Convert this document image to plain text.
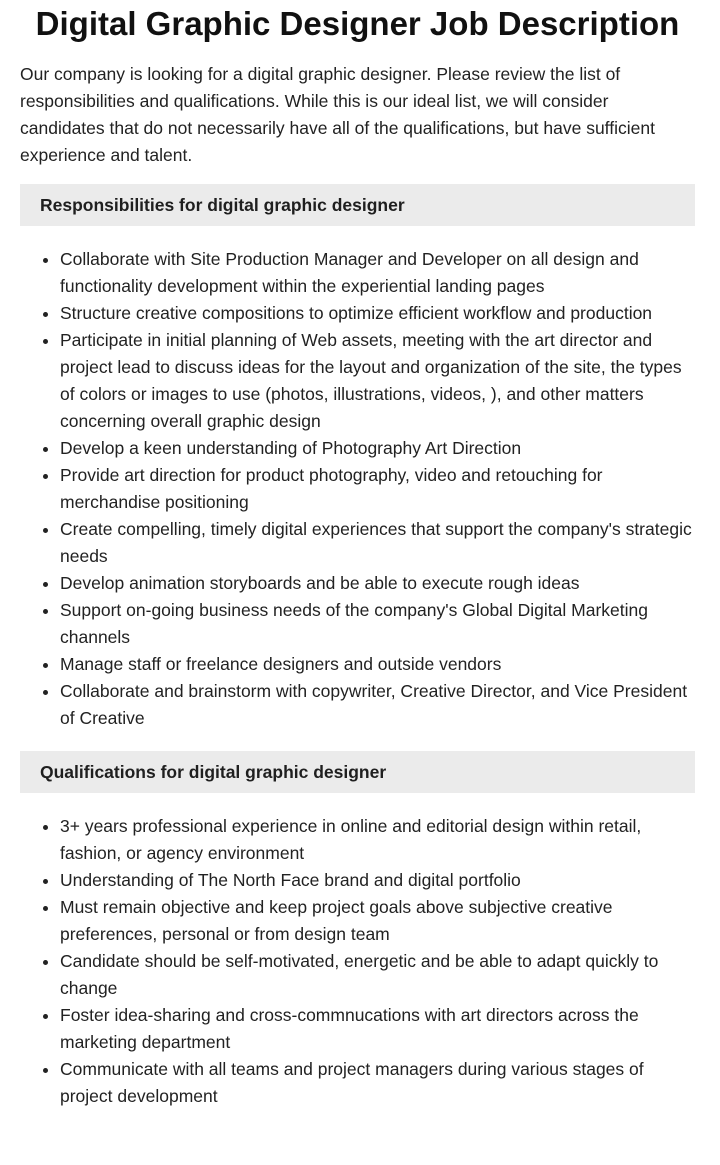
Digital Graphic Designer Job Description

Our company is looking for a digital graphic designer. Please review the list of responsibilities and qualifications. While this is our ideal list, we will consider candidates that do not necessarily have all of the qualifications, but have sufficient experience and talent.

Responsibilities for digital graphic designer
• Collaborate with Site Production Manager and Developer on all design and functionality development within the experiential landing pages
• Structure creative compositions to optimize efficient workflow and production
• Participate in initial planning of Web assets, meeting with the art director and project lead to discuss ideas for the layout and organization of the site, the types of colors or images to use (photos, illustrations, videos, ), and other matters concerning overall graphic design
• Develop a keen understanding of Photography Art Direction
• Provide art direction for product photography, video and retouching for merchandise positioning
• Create compelling, timely digital experiences that support the company's strategic needs
• Develop animation storyboards and be able to execute rough ideas
• Support on-going business needs of the company's Global Digital Marketing channels
• Manage staff or freelance designers and outside vendors
• Collaborate and brainstorm with copywriter, Creative Director, and Vice President of Creative
Qualifications for digital graphic designer
• 3+ years professional experience in online and editorial design within retail, fashion, or agency environment
• Understanding of The North Face brand and digital portfolio
• Must remain objective and keep project goals above subjective creative preferences, personal or from design team
• Candidate should be self-motivated, energetic and be able to adapt quickly to change
• Foster idea-sharing and cross-commnucations with art directors across the marketing department
• Communicate with all teams and project managers during various stages of project development
